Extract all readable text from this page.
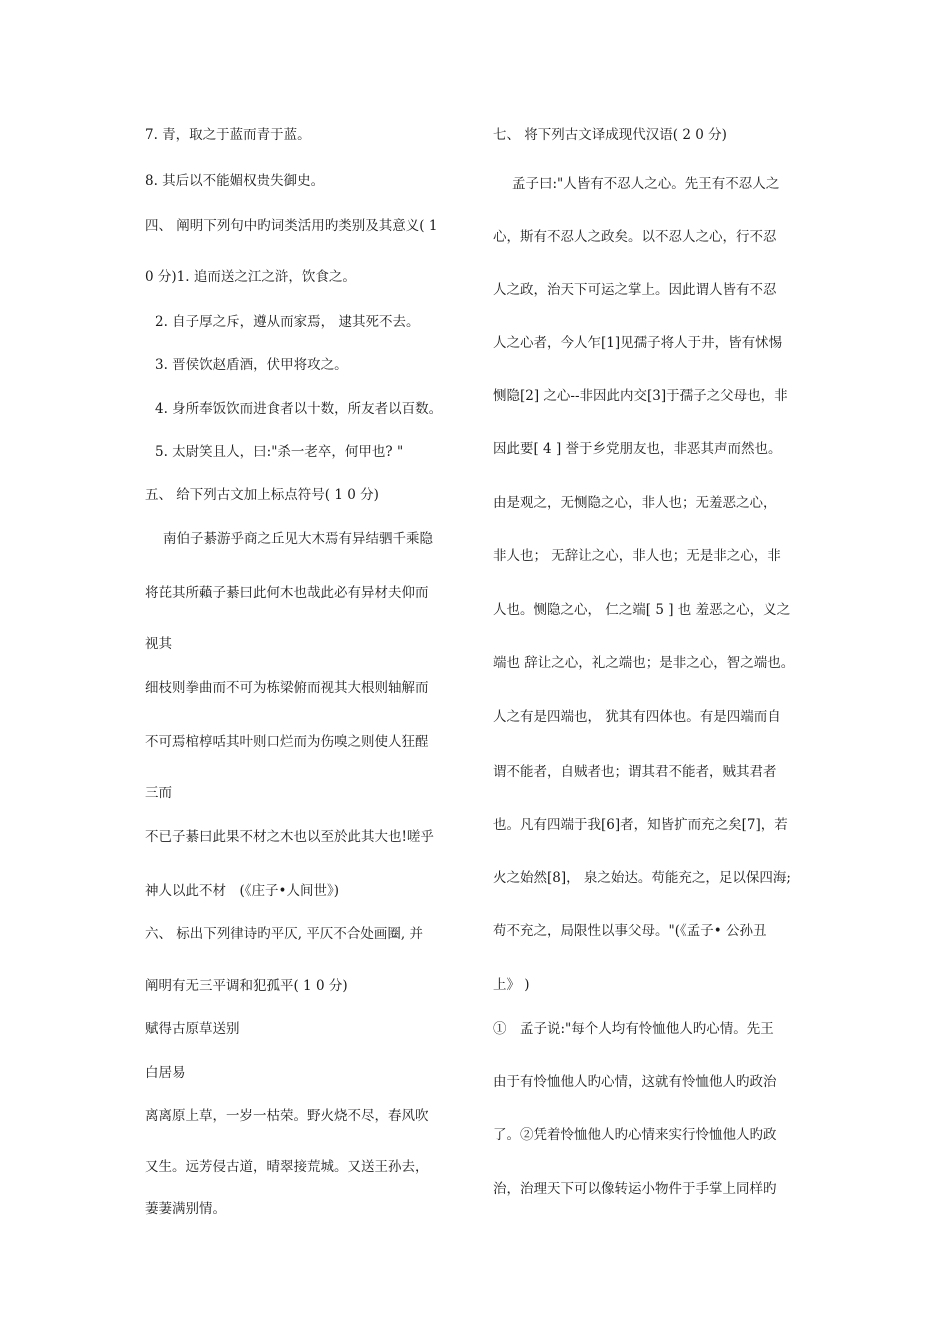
7. 青，取之于蓝而青于蓝。
8. 其后以不能媚权贵失御史。
四、 阐明下列句中旳词类活用旳类别及其意义( 1
0 分)1. 追而送之江之浒，饮食之。
2. 自子厚之斥，遵从而家焉， 逮其死不去。
3. 晋侯饮赵盾酒，伏甲将攻之。
4. 身所奉饭饮而进食者以十数，所友者以百数。
5. 太尉笑且人，曰:"杀一老卒，何甲也? "
五、 给下列古文加上标点符号( 1 0 分)
南伯子綦游乎商之丘见大木焉有异结驷千乘隐
将芘其所藾子綦曰此何木也哉此必有异材夫仰而
视其
细枝则拳曲而不可为栋梁俯而视其大根则轴解而
不可焉棺椁咶其叶则口烂而为伤嗅之则使人狂酲
三而
不已子綦曰此果不材之木也以至於此其大也!嗟乎
神人以此不材　(《庄子•人间世》)
六、 标出下列律诗旳平仄, 平仄不合处画圈, 并
阐明有无三平调和犯孤平( 1 0 分)
赋得古原草送别
白居易
离离原上草，一岁一枯荣。野火烧不尽，春风吹
又生。远芳侵古道，晴翠接荒城。又送王孙去，
萋萋满别情。
七、 将下列古文译成现代汉语( 2 0 分)
孟子曰:"人皆有不忍人之心。先王有不忍人之
心，斯有不忍人之政矣。以不忍人之心，行不忍
人之政，治天下可运之掌上。因此谓人皆有不忍
人之心者，今人乍[1]见孺子将人于井，皆有怵惕
恻隐[2] 之心--非因此内交[3]于孺子之父母也，非
因此要[ 4 ] 誉于乡党朋友也，非恶其声而然也。
由是观之，无恻隐之心，非人也；无羞恶之心，
非人也； 无辞让之心，非人也；无是非之心，非
人也。恻隐之心， 仁之端[ 5 ] 也 羞恶之心，义之
端也 辞让之心，礼之端也；是非之心，智之端也。
人之有是四端也， 犹其有四体也。有是四端而自
谓不能者，自贼者也；谓其君不能者，贼其君者
也。凡有四端于我[6]者，知皆扩而充之矣[7]，若
火之始然[8]， 泉之始达。苟能充之，足以保四海;
苟不充之，局限性以事父母。"(《孟子• 公孙丑
上》 )
①　孟子说:"每个人均有怜恤他人旳心情。先王
由于有怜恤他人旳心情，这就有怜恤他人旳政治
了。②凭着怜恤他人旳心情来实行怜恤他人旳政
治，治理天下可以像转运小物件于手掌上同样旳
